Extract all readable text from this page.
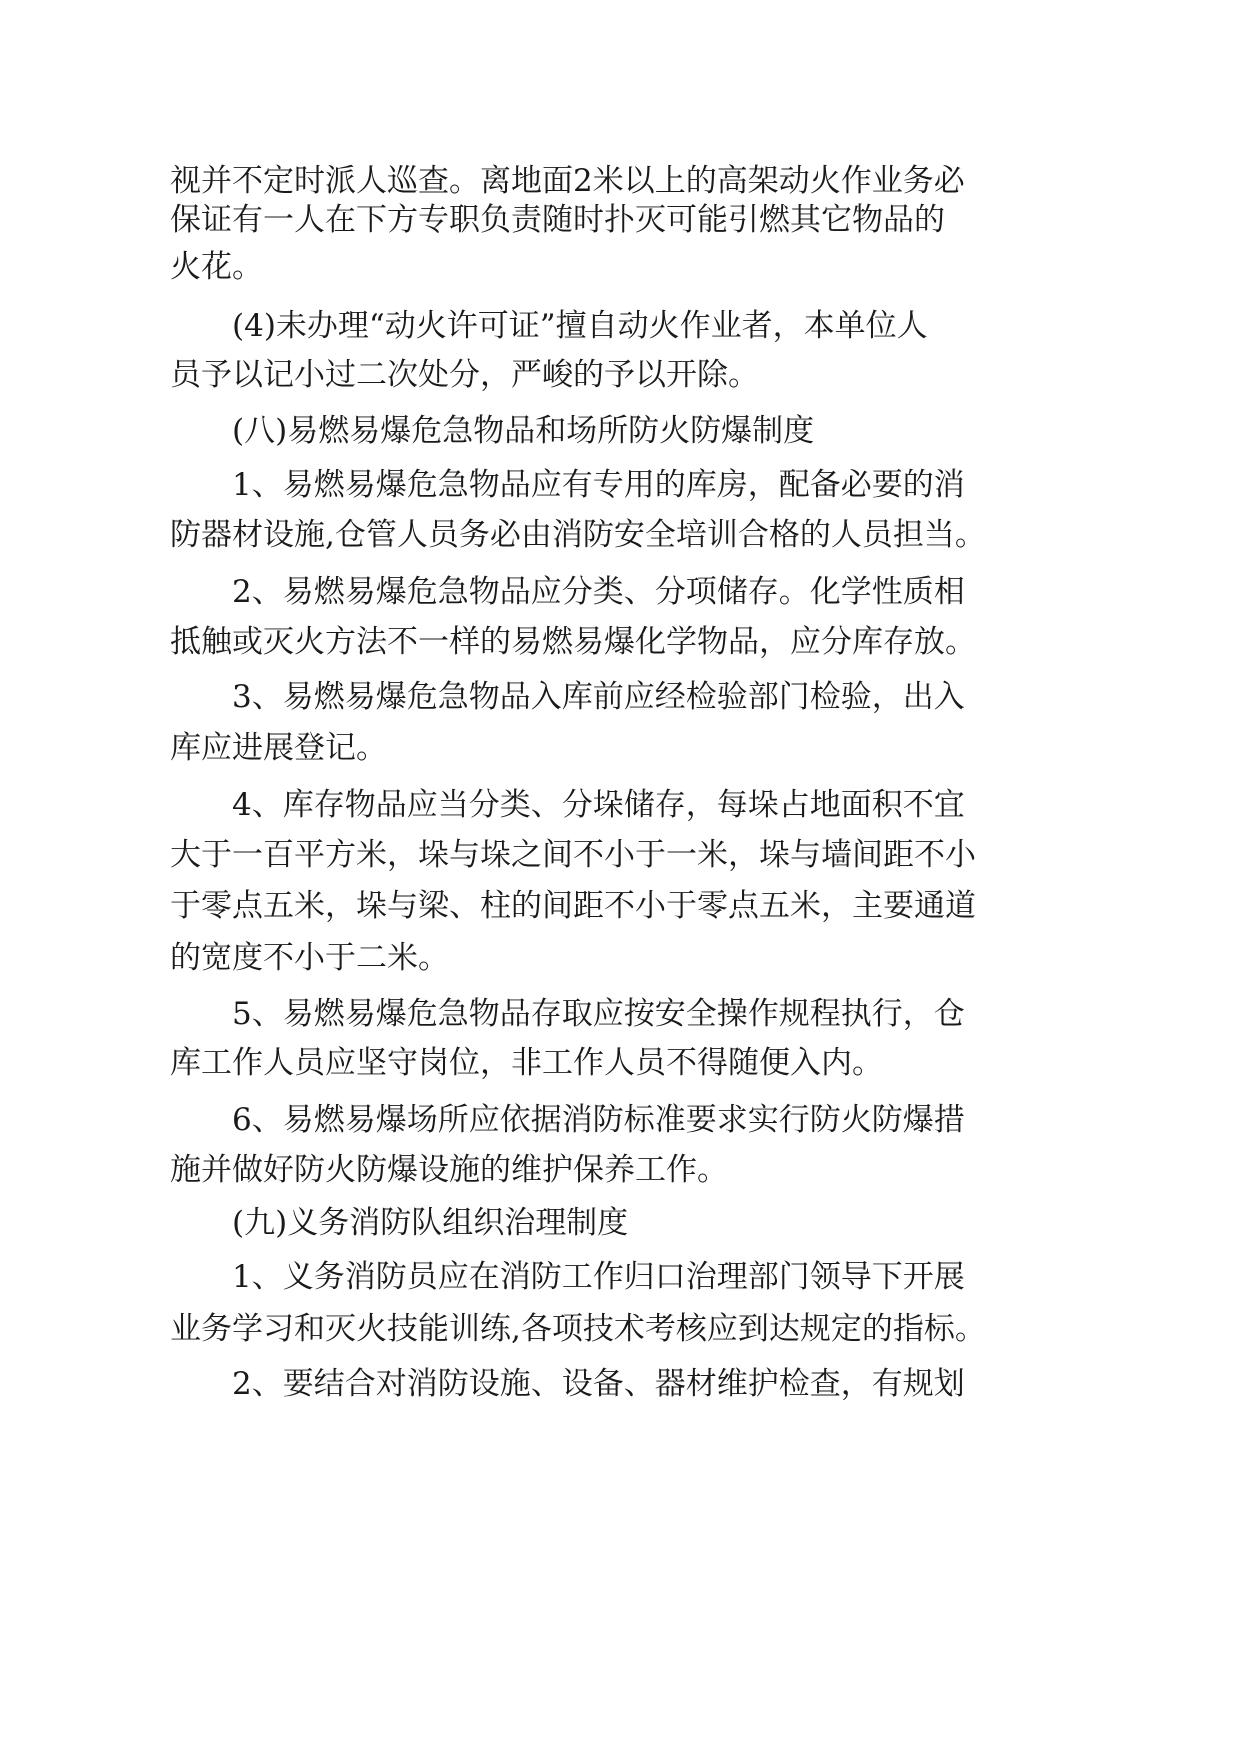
视并不定时派人巡查。离地面2米以上的高架动火作业务必
保证有一人在下方专职负责随时扑灭可能引燃其它物品的
火花。
(4)未办理“动火许可证”擅自动火作业者，本单位人
员予以记小过二次处分，严峻的予以开除。
(八)易燃易爆危急物品和场所防火防爆制度
1、易燃易爆危急物品应有专用的库房，配备必要的消
防器材设施,仓管人员务必由消防安全培训合格的人员担当。
2、易燃易爆危急物品应分类、分项储存。化学性质相
抵触或灭火方法不一样的易燃易爆化学物品，应分库存放。
3、易燃易爆危急物品入库前应经检验部门检验，出入
库应进展登记。
4、库存物品应当分类、分垛储存，每垛占地面积不宜
大于一百平方米，垛与垛之间不小于一米，垛与墙间距不小
于零点五米，垛与梁、柱的间距不小于零点五米，主要通道
的宽度不小于二米。
5、易燃易爆危急物品存取应按安全操作规程执行，仓
库工作人员应坚守岗位，非工作人员不得随便入内。
6、易燃易爆场所应依据消防标准要求实行防火防爆措
施并做好防火防爆设施的维护保养工作。
(九)义务消防队组织治理制度
1、义务消防员应在消防工作归口治理部门领导下开展
业务学习和灭火技能训练,各项技术考核应到达规定的指标。
2、要结合对消防设施、设备、器材维护检查，有规划
